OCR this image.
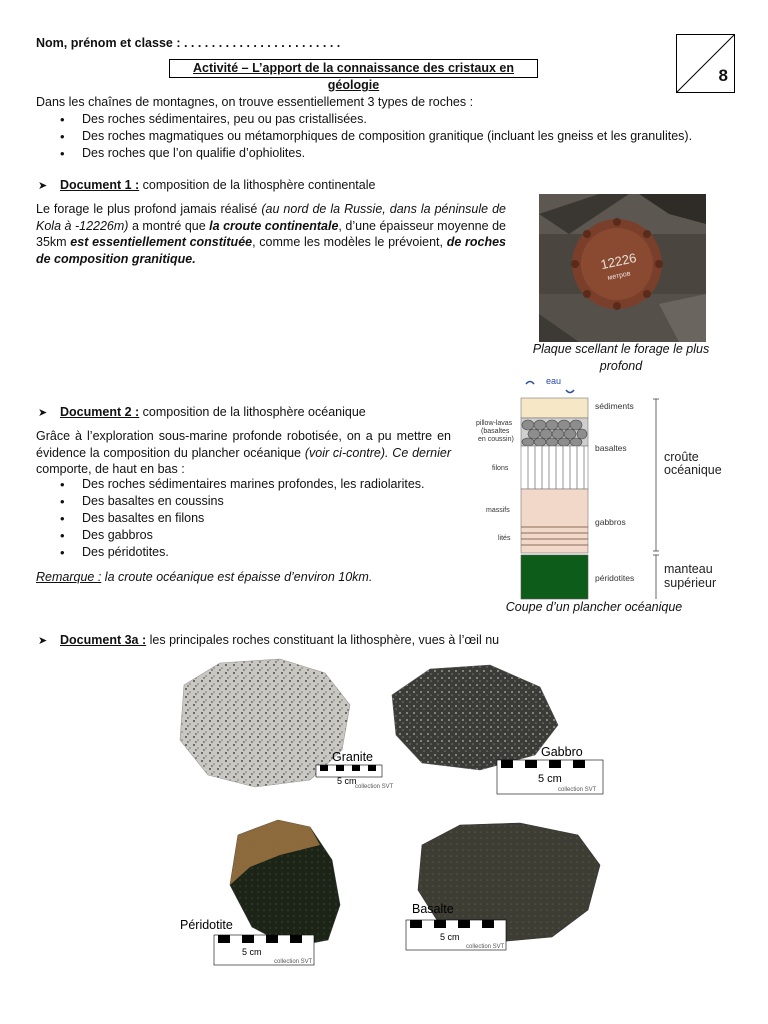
Nom, prénom et classe : . . . . . . . . . . . . . . . . . . . . . . .
Activité – L’apport de la connaissance des cristaux en géologie	8
Dans les chaînes de montagnes, on trouve essentiellement 3 types de roches :
• Des roches sédimentaires, peu ou pas cristallisées.
• Des roches magmatiques ou métamorphiques de composition granitique (incluant les gneiss et les granulites).
• Des roches que l’on qualifie d’ophiolites.
➤ Document 1 : composition de la lithosphère continentale
Le forage le plus profond jamais réalisé (au nord de la Russie, dans la péninsule de Kola à -12226m) a montré que la croute continentale, d’une épaisseur moyenne de 35km est essentiellement constituée, comme les modèles le prévoient, de roches de composition granitique.	12226
метров
Plaque scellant le forage le plus profond
➤ Document 2 : composition de la lithosphère océanique
Grâce à l’exploration sous-marine profonde robotisée, on a pu mettre en évidence la composition du plancher océanique (voir ci-contre). Ce dernier comporte, de haut en bas :
• Des roches sédimentaires marines profondes, les radiolarites.
• Des basaltes en coussins
• Des basaltes en filons
• Des gabbros
• Des péridotites.
Remarque : la croute océanique est épaisse d’environ 10km.
eau
pillow-lavas
(basaltes
en coussin)
filons
massifs
lités
sédiments
basaltes
gabbros
péridotites
croûte
océanique
manteau
supérieur
Coupe d’un plancher océanique
➤ Document 3a : les principales roches constituant la lithosphère, vues à l’œil nu
Granite
5 cm
collection SVT
Gabbro
5 cm
collection SVT
Péridotite
5 cm
collection SVT
Basalte
5 cm
collection SVT
